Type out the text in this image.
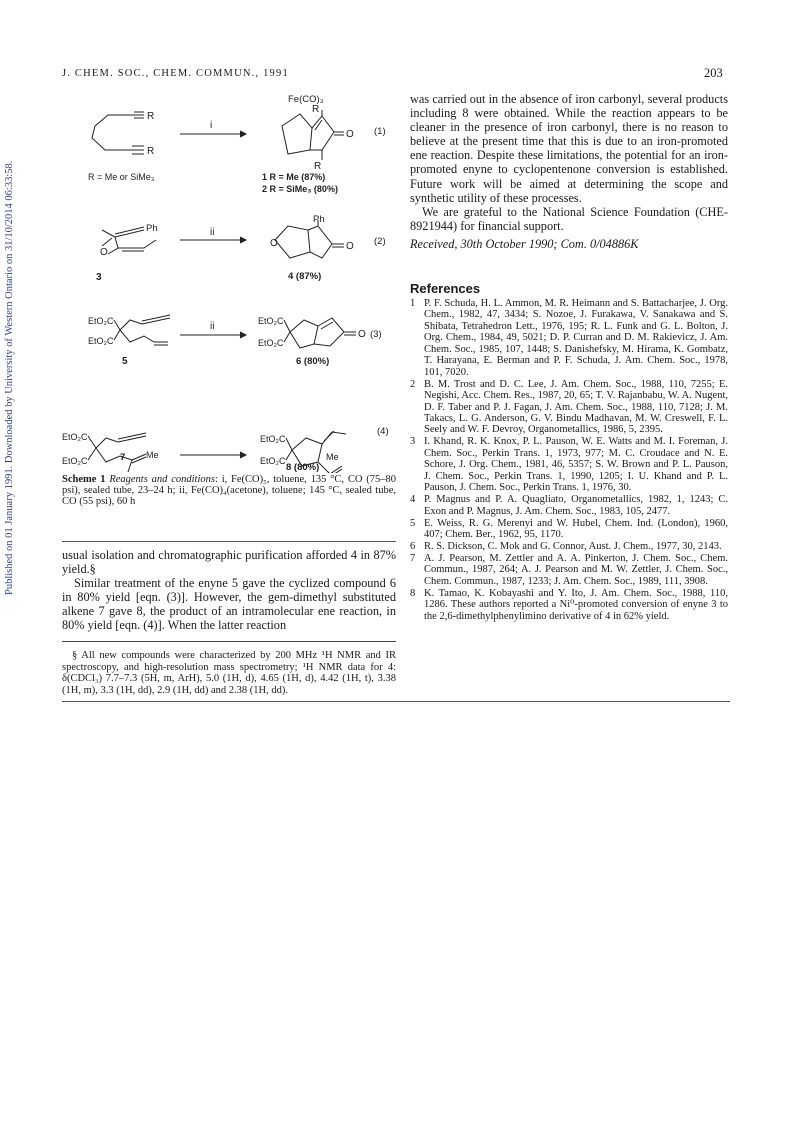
J. CHEM. SOC., CHEM. COMMUN., 1991	203
Published on 01 January 1991. Downloaded by University of Western Ontario on 31/10/2014 06:33:58.
R
R
R = Me or SiMe₃
i
Fe(CO)₃
R
O
R
(1)
1 R = Me (87%)
2 R = SiMe₃ (80%)
O
Ph
3
ii
Ph
O	O (2)
4 (87%)
EtO₂C
EtO₂C
5
ii	EtO₂C
EtO₂C
O (3)
6 (80%)
EtO₂C
EtO₂C
Me
EtO₂C
EtO₂C
(4)
7	Me
8 (80%)
Scheme 1 Reagents and conditions: i, Fe(CO)₅, toluene, 135 °C, CO (75–80 psi), sealed tube, 23–24 h; ii, Fe(CO)₄(acetone), toluene; 145 °C, sealed tube, CO (55 psi), 60 h

usual isolation and chromatographic purification afforded 4 in 87% yield.§

Similar treatment of the enyne 5 gave the cyclized compound 6 in 80% yield [eqn. (3)]. However, the gem-dimethyl substituted alkene 7 gave 8, the product of an intramolecular ene reaction, in 80% yield [eqn. (4)]. When the latter reaction

§ All new compounds were characterized by 200 MHz ¹H NMR and IR spectroscopy, and high-resolution mass spectrometry; ¹H NMR data for 4: δ(CDCl₃) 7.7–7.3 (5H, m, ArH), 5.0 (1H, d), 4.65 (1H, d), 4.42 (1H, t), 3.38 (1H, m), 3.3 (1H, dd), 2.9 (1H, dd) and 2.38 (1H, dd).

was carried out in the absence of iron carbonyl, several products including 8 were obtained. While the reaction appears to be cleaner in the presence of iron carbonyl, there is no reason to believe at the present time that this is due to an iron-promoted ene reaction. Despite these limitations, the potential for an iron-promoted enyne to cyclopentenone conversion is established. Future work will be aimed at determining the scope and synthetic utility of these processes.

We are grateful to the National Science Foundation (CHE-8921944) for financial support.

Received, 30th October 1990; Com. 0/04886K
References
1 P. F. Schuda, H. L. Ammon, M. R. Heimann and S. Battacharjee, J. Org. Chem., 1982, 47, 3434; S. Nozoe, J. Furakawa, V. Sanakawa and S. Shibata, Tetrahedron Lett., 1976, 195; R. L. Funk and G. L. Bolton, J. Org. Chem., 1984, 49, 5021; D. P. Curran and D. M. Rakievicz, J. Am. Chem. Soc., 1985, 107, 1448; S. Danishefsky, M. Hirama, K. Gombatz, T. Harayana, E. Berman and P. F. Schuda, J. Am. Chem. Soc., 1978, 101, 7020.
2 B. M. Trost and D. C. Lee, J. Am. Chem. Soc., 1988, 110, 7255; E. Negishi, Acc. Chem. Res., 1987, 20, 65; T. V. Rajanbabu, W. A. Nugent, D. F. Taber and P. J. Fagan, J. Am. Chem. Soc., 1988, 110, 7128; J. M. Takacs, L. G. Anderson, G. V. Bindu Madhavan, M. W. Creswell, F. L. Seely and W. F. Devroy, Organometallics, 1986, 5, 2395.
3 I. Khand, R. K. Knox, P. L. Pauson, W. E. Watts and M. I. Foreman, J. Chem. Soc., Perkin Trans. 1, 1973, 977; M. C. Croudace and N. E. Schore, J. Org. Chem., 1981, 46, 5357; S. W. Brown and P. L. Pauson, J. Chem. Soc., Perkin Trans. 1, 1990, 1205; I. U. Khand and P. L. Pauson, J. Chem. Soc., Perkin Trans. 1, 1976, 30.
4 P. Magnus and P. A. Quagliato, Organometallics, 1982, 1, 1243; C. Exon and P. Magnus, J. Am. Chem. Soc., 1983, 105, 2477.
5 E. Weiss, R. G. Merenyi and W. Hubel, Chem. Ind. (London), 1960, 407; Chem. Ber., 1962, 95, 1170.
6 R. S. Dickson, C. Mok and G. Connor, Aust. J. Chem., 1977, 30, 2143.
7 A. J. Pearson, M. Zettler and A. A. Pinkerton, J. Chem. Soc., Chem. Commun., 1987, 264; A. J. Pearson and M. W. Zettler, J. Chem. Soc., Chem. Commun., 1987, 1233; J. Am. Chem. Soc., 1989, 111, 3908.
8 K. Tamao, K. Kobayashi and Y. Ito, J. Am. Chem. Soc., 1988, 110, 1286. These authors reported a Ni⁰-promoted conversion of enyne 3 to the 2,6-dimethylphenylimino derivative of 4 in 62% yield.
